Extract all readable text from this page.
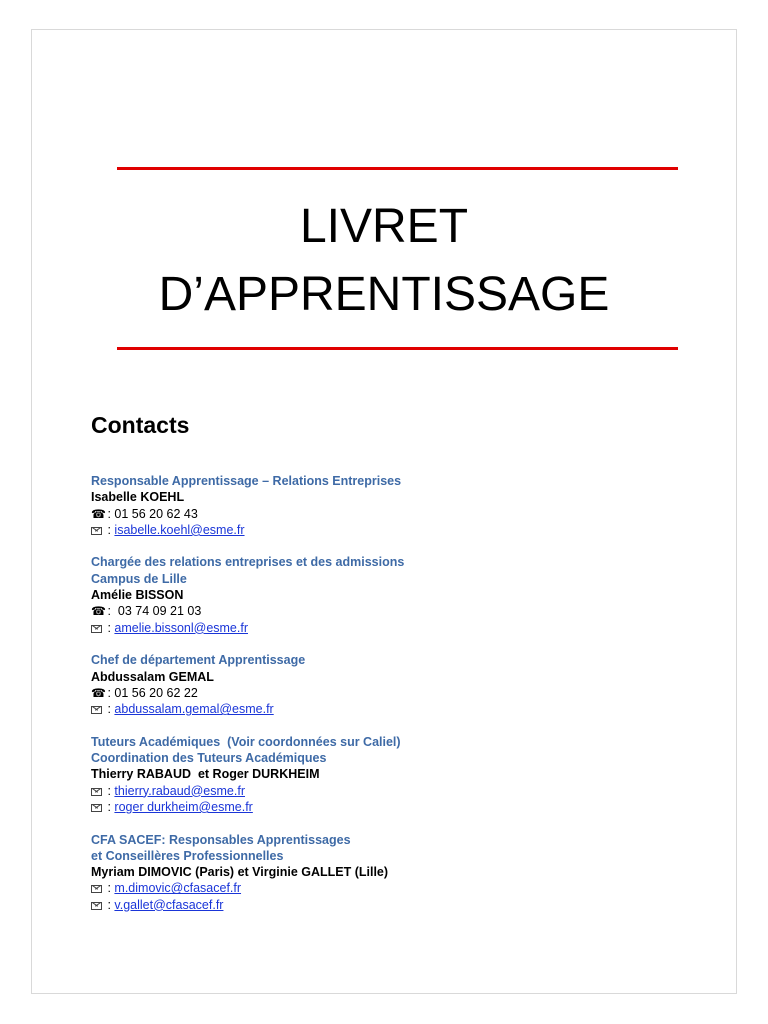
LIVRET
D’APPRENTISSAGE
Contacts
Responsable Apprentissage – Relations Entreprises
Isabelle KOEHL
☎ : 01 56 20 62 43
: isabelle.koehl@esme.fr
Chargée des relations entreprises et des admissions
Campus de Lille
Amélie BISSON
☎ :  03 74 09 21 03
: amelie.bissonl@esme.fr
Chef de département Apprentissage
Abdussalam GEMAL
☎ : 01 56 20 62 22
: abdussalam.gemal@esme.fr
Tuteurs Académiques  (Voir coordonnées sur Caliel)
Coordination des Tuteurs Académiques
Thierry RABAUD  et Roger DURKHEIM
: thierry.rabaud@esme.fr
: roger durkheim@esme.fr
CFA SACEF: Responsables Apprentissages
et Conseillères Professionnelles
Myriam DIMOVIC (Paris) et Virginie GALLET (Lille)
: m.dimovic@cfasacef.fr
: v.gallet@cfasacef.fr
